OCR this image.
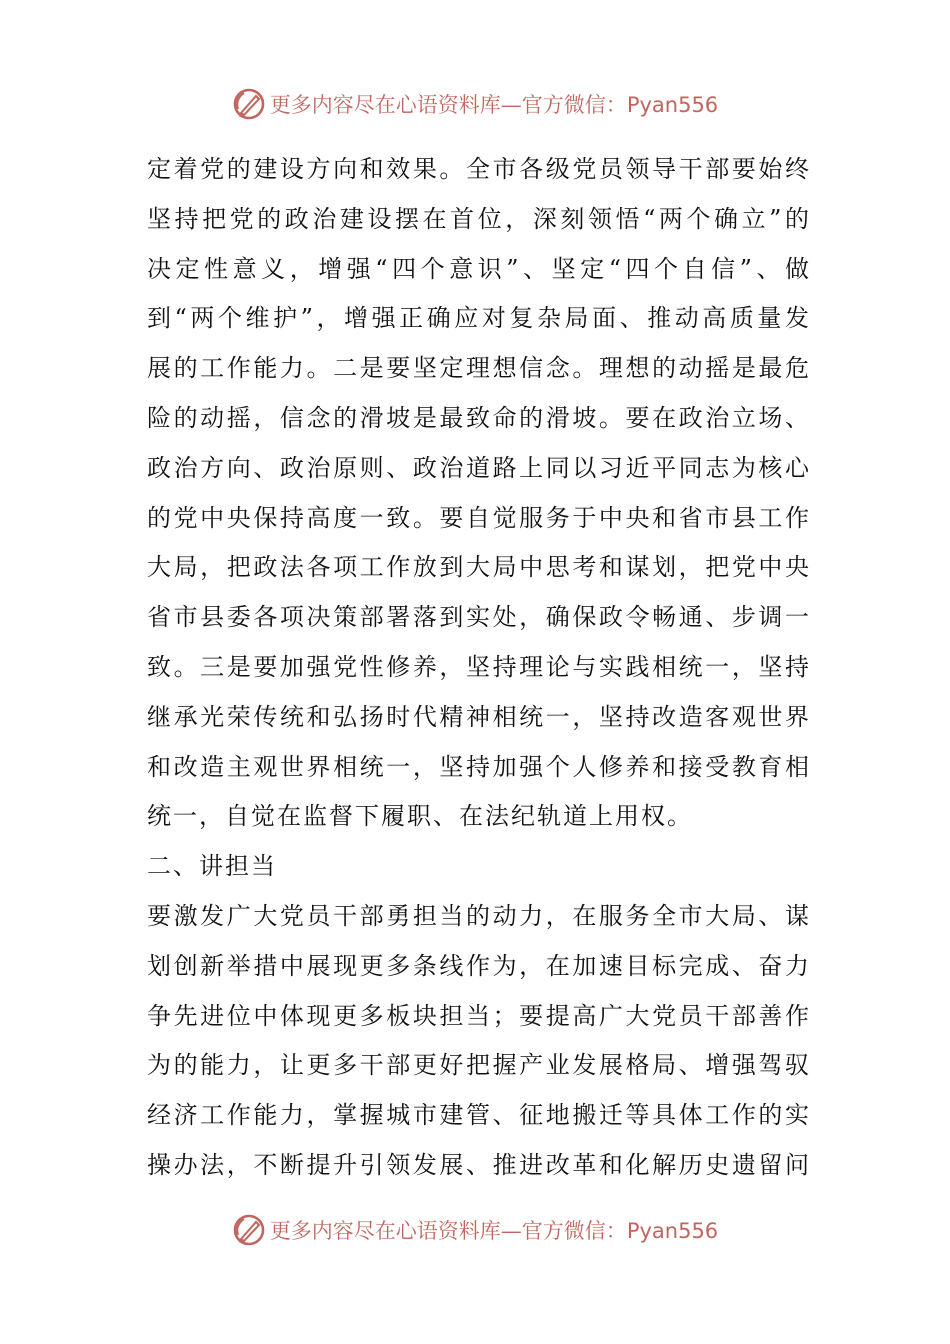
更多内容尽在心语资料库—官方微信：Pyan556
定着党的建设方向和效果。全市各级党员领导干部要始终
坚持把党的政治建设摆在首位，深刻领悟“两个确立”的
决定性意义，增强“四个意识”、坚定“四个自信”、做
到“两个维护”，增强正确应对复杂局面、推动高质量发
展的工作能力。二是要坚定理想信念。理想的动摇是最危
险的动摇，信念的滑坡是最致命的滑坡。要在政治立场、
政治方向、政治原则、政治道路上同以习近平同志为核心
的党中央保持高度一致。要自觉服务于中央和省市县工作
大局，把政法各项工作放到大局中思考和谋划，把党中央
省市县委各项决策部署落到实处，确保政令畅通、步调一
致。三是要加强党性修养，坚持理论与实践相统一，坚持
继承光荣传统和弘扬时代精神相统一，坚持改造客观世界
和改造主观世界相统一，坚持加强个人修养和接受教育相
统一，自觉在监督下履职、在法纪轨道上用权。
二、讲担当
要激发广大党员干部勇担当的动力，在服务全市大局、谋
划创新举措中展现更多条线作为，在加速目标完成、奋力
争先进位中体现更多板块担当；要提高广大党员干部善作
为的能力，让更多干部更好把握产业发展格局、增强驾驭
经济工作能力，掌握城市建管、征地搬迁等具体工作的实
操办法，不断提升引领发展、推进改革和化解历史遗留问
更多内容尽在心语资料库—官方微信：Pyan556
